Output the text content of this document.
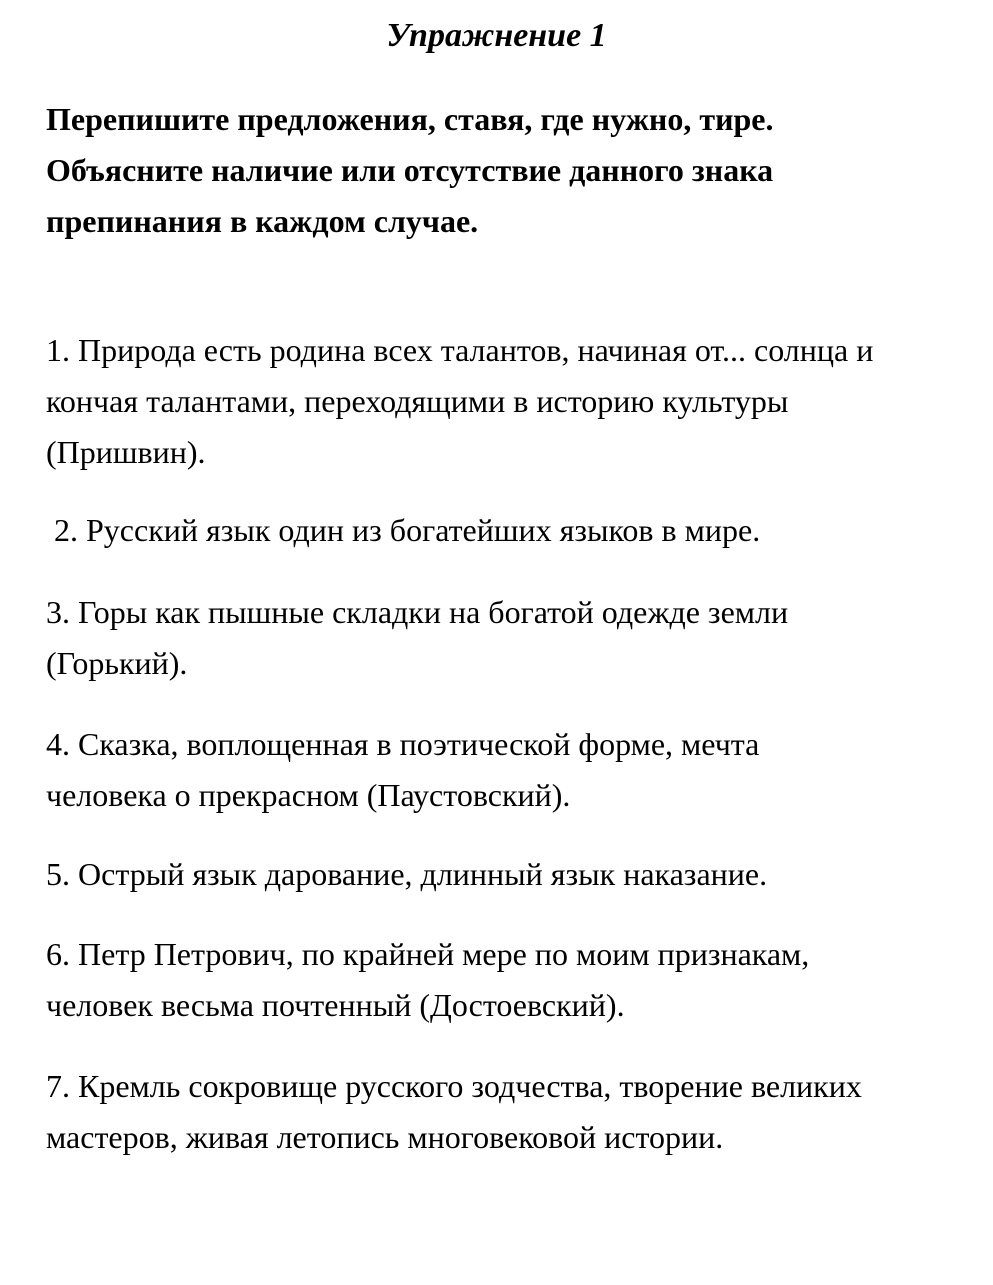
Упражнение 1

Перепишите предложения, ставя, где нужно, тире.
Объясните наличие или отсутствие данного знака
препинания в каждом случае.

1. Природа есть родина всех талантов, начиная от... солнца и
кончая талантами, переходящими в историю культуры
(Пришвин).

2. Русский язык один из богатейших языков в мире.

3. Горы как пышные складки на богатой одежде земли
(Горький).

4. Сказка, воплощенная в поэтической форме, мечта
человека о прекрасном (Паустовский).

5. Острый язык дарование, длинный язык наказание.

6. Петр Петрович, по крайней мере по моим признакам,
человек весьма почтенный (Достоевский).

7. Кремль сокровище русского зодчества, творение великих
мастеров, живая летопись многовековой истории.
